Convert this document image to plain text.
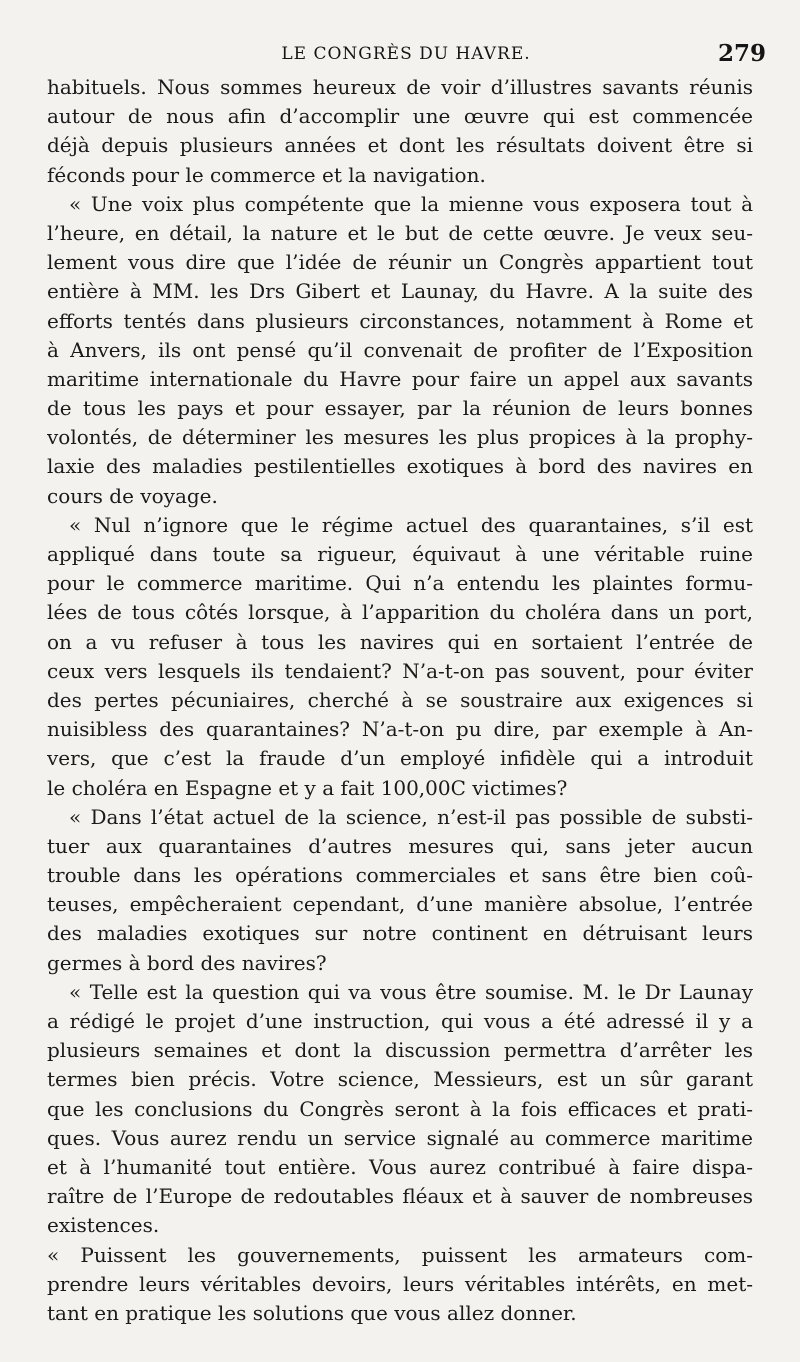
LE CONGRÈS DU HAVRE.	279
habituels. Nous sommes heureux de voir d’illustres savants réunis
autour de nous afin d’accomplir une œuvre qui est commencée
déjà depuis plusieurs années et dont les résultats doivent être si
féconds pour le commerce et la navigation.
« Une voix plus compétente que la mienne vous exposera tout à
l’heure, en détail, la nature et le but de cette œuvre. Je veux seu-
lement vous dire que l’idée de réunir un Congrès appartient tout
entière à MM. les Drs Gibert et Launay, du Havre. A la suite des
efforts tentés dans plusieurs circonstances, notamment à Rome et
à Anvers, ils ont pensé qu’il convenait de profiter de l’Exposition
maritime internationale du Havre pour faire un appel aux savants
de tous les pays et pour essayer, par la réunion de leurs bonnes
volontés, de déterminer les mesures les plus propices à la prophy-
laxie des maladies pestilentielles exotiques à bord des navires en
cours de voyage.
« Nul n’ignore que le régime actuel des quarantaines, s’il est
appliqué dans toute sa rigueur, équivaut à une véritable ruine
pour le commerce maritime. Qui n’a entendu les plaintes formu-
lées de tous côtés lorsque, à l’apparition du choléra dans un port,
on a vu refuser à tous les navires qui en sortaient l’entrée de
ceux vers lesquels ils tendaient? N’a-t-on pas souvent, pour éviter
des pertes pécuniaires, cherché à se soustraire aux exigences si
nuisibless des quarantaines? N’a-t-on pu dire, par exemple à An-
vers, que c’est la fraude d’un employé infidèle qui a introduit
le choléra en Espagne et y a fait 100,00C victimes?
« Dans l’état actuel de la science, n’est-il pas possible de substi-
tuer aux quarantaines d’autres mesures qui, sans jeter aucun
trouble dans les opérations commerciales et sans être bien coû-
teuses, empêcheraient cependant, d’une manière absolue, l’entrée
des maladies exotiques sur notre continent en détruisant leurs
germes à bord des navires?
« Telle est la question qui va vous être soumise. M. le Dr Launay
a rédigé le projet d’une instruction, qui vous a été adressé il y a
plusieurs semaines et dont la discussion permettra d’arrêter les
termes bien précis. Votre science, Messieurs, est un sûr garant
que les conclusions du Congrès seront à la fois efficaces et prati-
ques. Vous aurez rendu un service signalé au commerce maritime
et à l’humanité tout entière. Vous aurez contribué à faire dispa-
raître de l’Europe de redoutables fléaux et à sauver de nombreuses
existences.
« Puissent les gouvernements, puissent les armateurs com-
prendre leurs véritables devoirs, leurs véritables intérêts, en met-
tant en pratique les solutions que vous allez donner.
